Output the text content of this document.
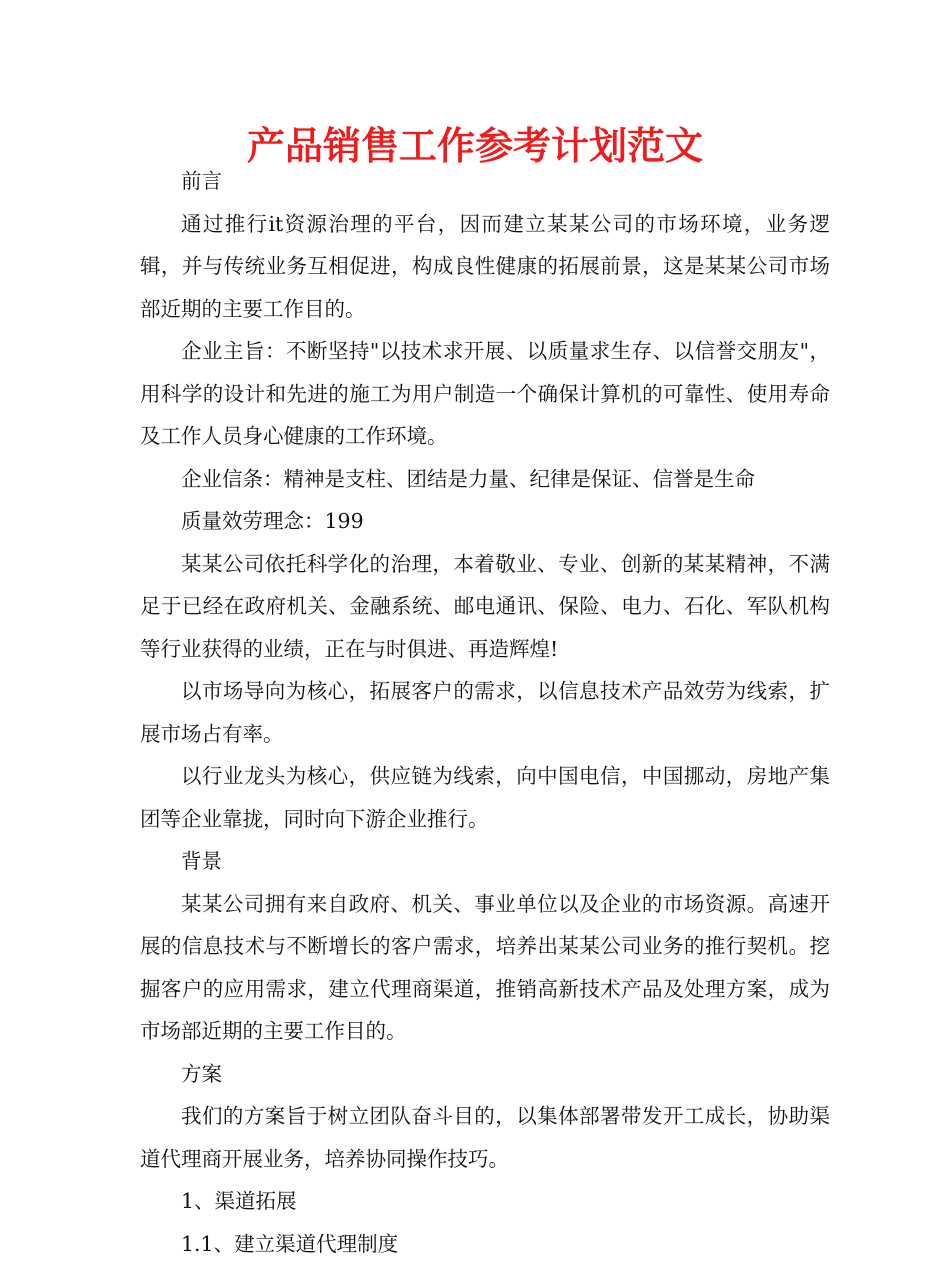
产品销售工作参考计划范文

前言

通过推行it资源治理的平台，因而建立某某公司的市场环境，业务逻辑，并与传统业务互相促进，构成良性健康的拓展前景，这是某某公司市场部近期的主要工作目的。

企业主旨：不断坚持"以技术求开展、以质量求生存、以信誉交朋友"，用科学的设计和先进的施工为用户制造一个确保计算机的可靠性、使用寿命及工作人员身心健康的工作环境。

企业信条：精神是支柱、团结是力量、纪律是保证、信誉是生命

质量效劳理念：199

某某公司依托科学化的治理，本着敬业、专业、创新的某某精神，不满足于已经在政府机关、金融系统、邮电通讯、保险、电力、石化、军队机构等行业获得的业绩，正在与时俱进、再造辉煌!

以市场导向为核心，拓展客户的需求，以信息技术产品效劳为线索，扩展市场占有率。

以行业龙头为核心，供应链为线索，向中国电信，中国挪动，房地产集团等企业靠拢，同时向下游企业推行。

背景

某某公司拥有来自政府、机关、事业单位以及企业的市场资源。高速开展的信息技术与不断增长的客户需求，培养出某某公司业务的推行契机。挖掘客户的应用需求，建立代理商渠道，推销高新技术产品及处理方案，成为市场部近期的主要工作目的。

方案

我们的方案旨于树立团队奋斗目的，以集体部署带发开工成长，协助渠道代理商开展业务，培养协同操作技巧。

1、渠道拓展

1.1、建立渠道代理制度
